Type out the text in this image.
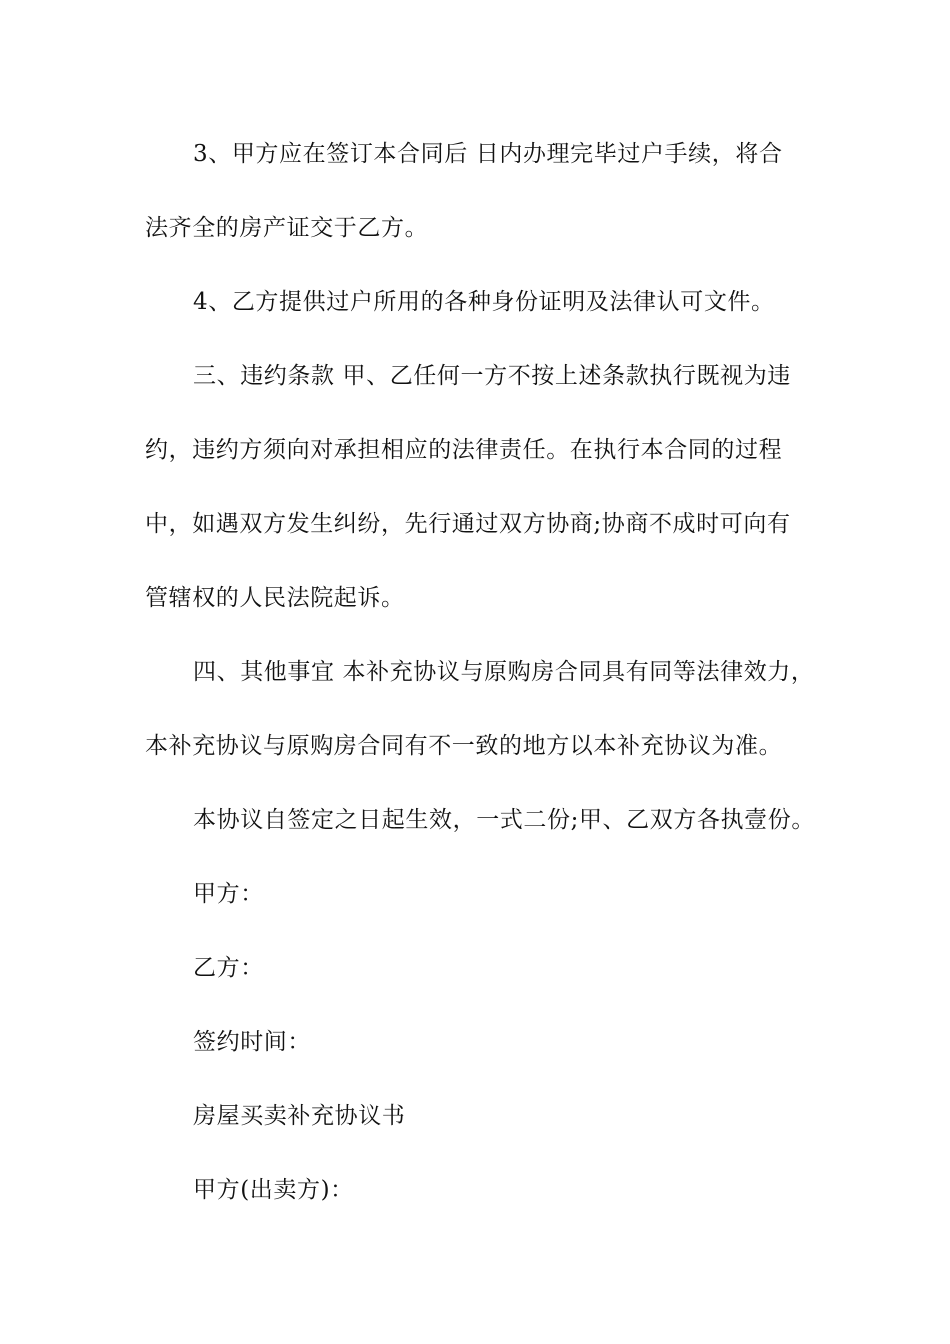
3、甲方应在签订本合同后 日内办理完毕过户手续，将合
法齐全的房产证交于乙方。
4、乙方提供过户所用的各种身份证明及法律认可文件。
三、违约条款 甲、乙任何一方不按上述条款执行既视为违
约，违约方须向对承担相应的法律责任。在执行本合同的过程
中，如遇双方发生纠纷，先行通过双方协商;协商不成时可向有
管辖权的人民法院起诉。
四、其他事宜 本补充协议与原购房合同具有同等法律效力，
本补充协议与原购房合同有不一致的地方以本补充协议为准。
本协议自签定之日起生效，一式二份;甲、乙双方各执壹份。
甲方：
乙方：
签约时间：
房屋买卖补充协议书
甲方(出卖方)：
